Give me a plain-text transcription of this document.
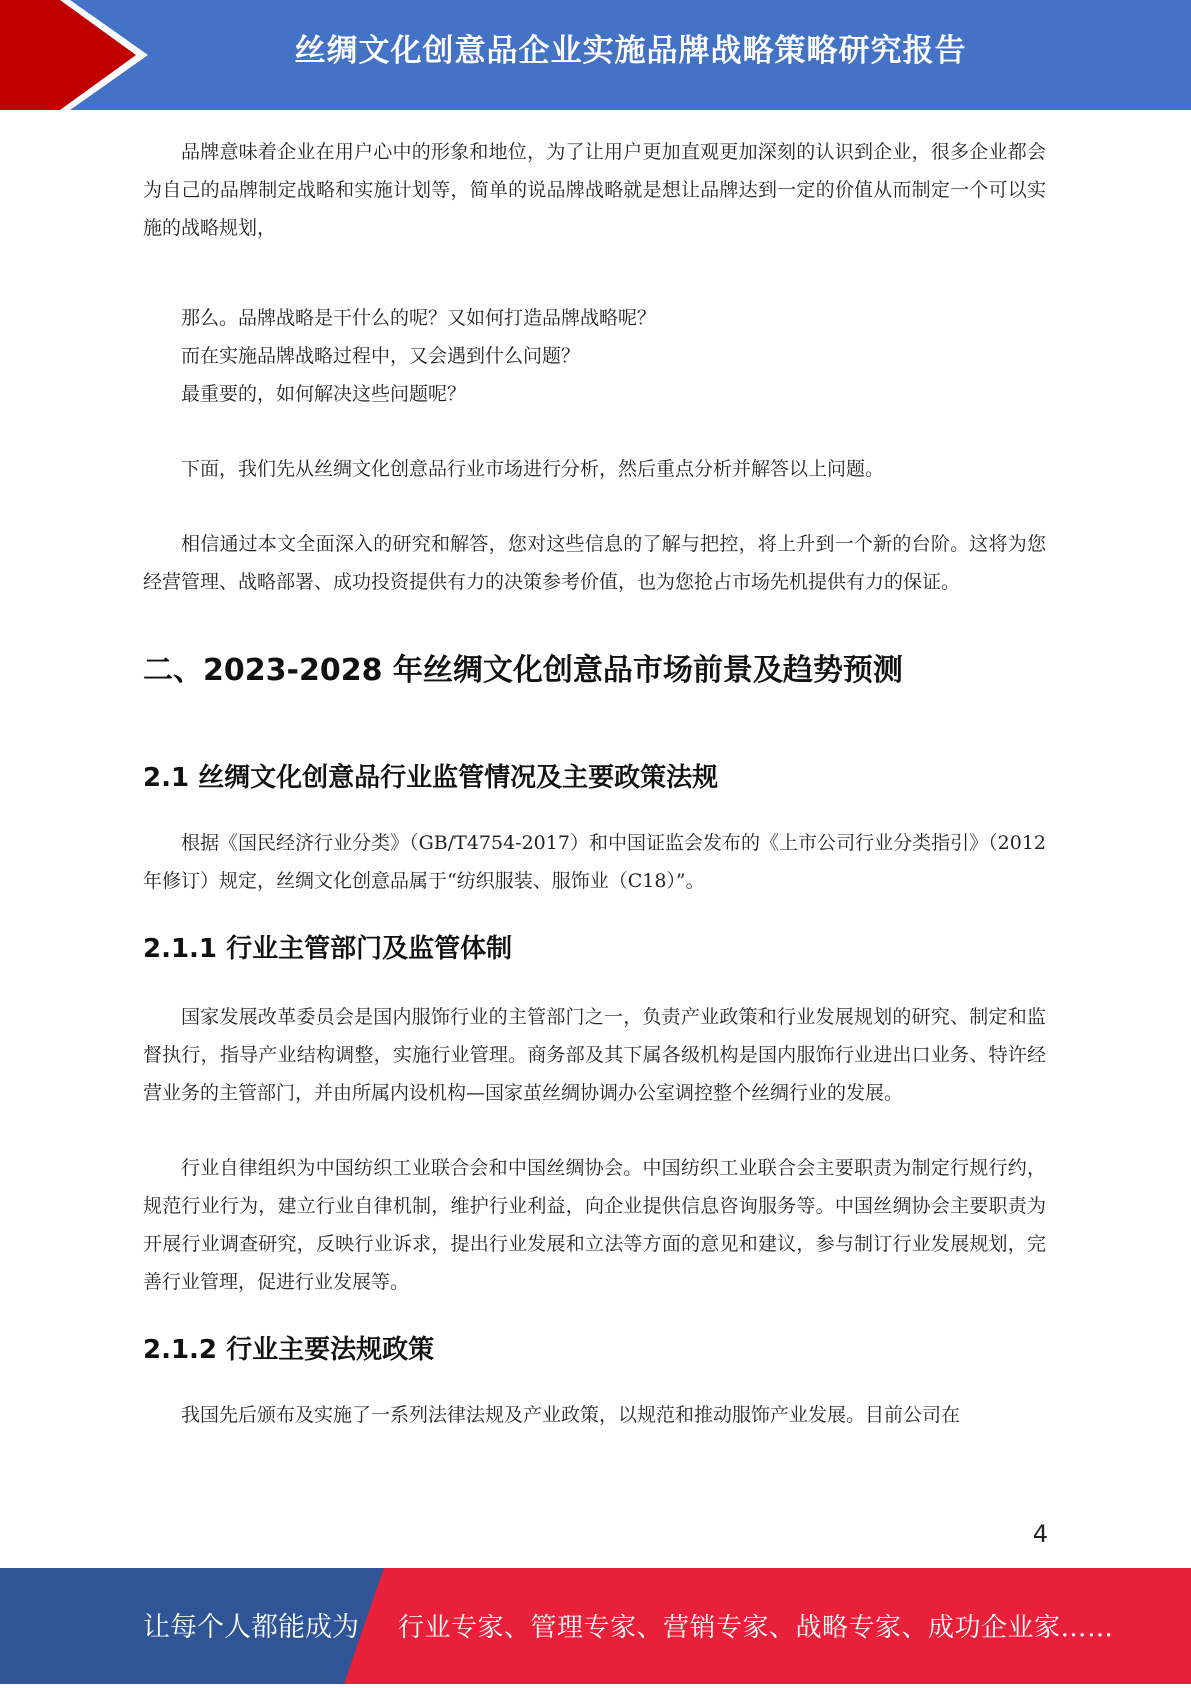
丝绸文化创意品企业实施品牌战略策略研究报告

品牌意味着企业在用户心中的形象和地位，为了让用户更加直观更加深刻的认识到企业，很多企业都会为自己的品牌制定战略和实施计划等，简单的说品牌战略就是想让品牌达到一定的价值从而制定一个可以实施的战略规划，

那么。品牌战略是干什么的呢？又如何打造品牌战略呢？
而在实施品牌战略过程中，又会遇到什么问题？
最重要的，如何解决这些问题呢？

下面，我们先从丝绸文化创意品行业市场进行分析，然后重点分析并解答以上问题。

相信通过本文全面深入的研究和解答，您对这些信息的了解与把控，将上升到一个新的台阶。这将为您经营管理、战略部署、成功投资提供有力的决策参考价值，也为您抢占市场先机提供有力的保证。

二、2023-2028 年丝绸文化创意品市场前景及趋势预测
2.1 丝绸文化创意品行业监管情况及主要政策法规

根据《国民经济行业分类》（GB/T4754-2017）和中国证监会发布的《上市公司行业分类指引》（2012 年修订）规定，丝绸文化创意品属于“纺织服装、服饰业（C18）”。

2.1.1 行业主管部门及监管体制

国家发展改革委员会是国内服饰行业的主管部门之一，负责产业政策和行业发展规划的研究、制定和监督执行，指导产业结构调整，实施行业管理。商务部及其下属各级机构是国内服饰行业进出口业务、特许经营业务的主管部门，并由所属内设机构—国家茧丝绸协调办公室调控整个丝绸行业的发展。

行业自律组织为中国纺织工业联合会和中国丝绸协会。中国纺织工业联合会主要职责为制定行规行约，规范行业行为，建立行业自律机制，维护行业利益，向企业提供信息咨询服务等。中国丝绸协会主要职责为开展行业调查研究，反映行业诉求，提出行业发展和立法等方面的意见和建议，参与制订行业发展规划，完善行业管理，促进行业发展等。

2.1.2 行业主要法规政策

我国先后颁布及实施了一系列法律法规及产业政策，以规范和推动服饰产业发展。目前公司在

4
让每个人都能成为 行业专家、管理专家、营销专家、战略专家、成功企业家……
